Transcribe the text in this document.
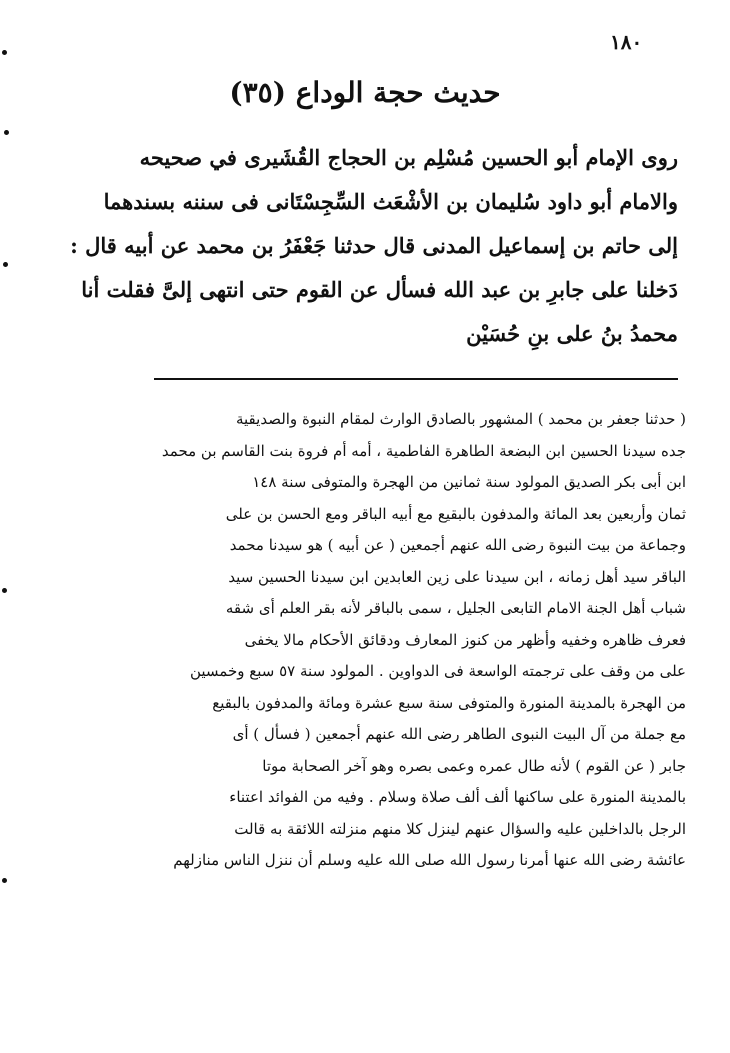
١٨٠
(٣٥) حديث حجة الوداع
روى الإمام أبو الحسين مُسْلِم بن الحجاج القُشَيرى في صحيحه
والامام أبو داود سُليمان بن الأشْعَث السِّجِسْتَانى فى سننه بسندهما
إلى حاتم بن إسماعيل المدنى قال حدثنا جَعْفَرُ بن محمد عن أبيه قال :
دَخلنا على جابرِ بن عبد الله فسأل عن القوم حتى انتهى إلىَّ فقلت أنا
محمدُ بنُ على بنِ حُسَيْن
( حدثنا جعفر بن محمد ) المشهور بالصادق الوارث لمقام النبوة والصديقية
جده سيدنا الحسين ابن البضعة الطاهرة الفاطمية ، أمه أم فروة بنت القاسم بن محمد
ابن أبى بكر الصديق المولود سنة ثمانين من الهجرة والمتوفى سنة ١٤٨
ثمان وأربعين بعد المائة والمدفون بالبقيع مع أبيه الباقر ومع الحسن بن على
وجماعة من بيت النبوة رضى الله عنهم أجمعين ( عن أبيه ) هو سيدنا محمد
الباقر سيد أهل زمانه ، ابن سيدنا على زين العابدين ابن سيدنا الحسين سيد
شباب أهل الجنة الامام التابعى الجليل ، سمى بالباقر لأنه بقر العلم أى شقه
فعرف ظاهره وخفيه وأظهر من كنوز المعارف ودقائق الأحكام مالا يخفى
على من وقف على ترجمته الواسعة فى الدواوين . المولود سنة ٥٧ سبع وخمسين
من الهجرة بالمدينة المنورة والمتوفى سنة سبع عشرة ومائة والمدفون بالبقيع
مع جملة من آل البيت النبوى الطاهر رضى الله عنهم أجمعين ( فسأل ) أى
جابر ( عن القوم ) لأنه طال عمره وعمى بصره وهو آخر الصحابة موتا
بالمدينة المنورة على ساكنها ألف ألف صلاة وسلام . وفيه من الفوائد اعتناء
الرجل بالداخلين عليه والسؤال عنهم لينزل كلا منهم منزلته اللائقة به قالت
عائشة رضى الله عنها أمرنا رسول الله صلى الله عليه وسلم أن ننزل الناس منازلهم
